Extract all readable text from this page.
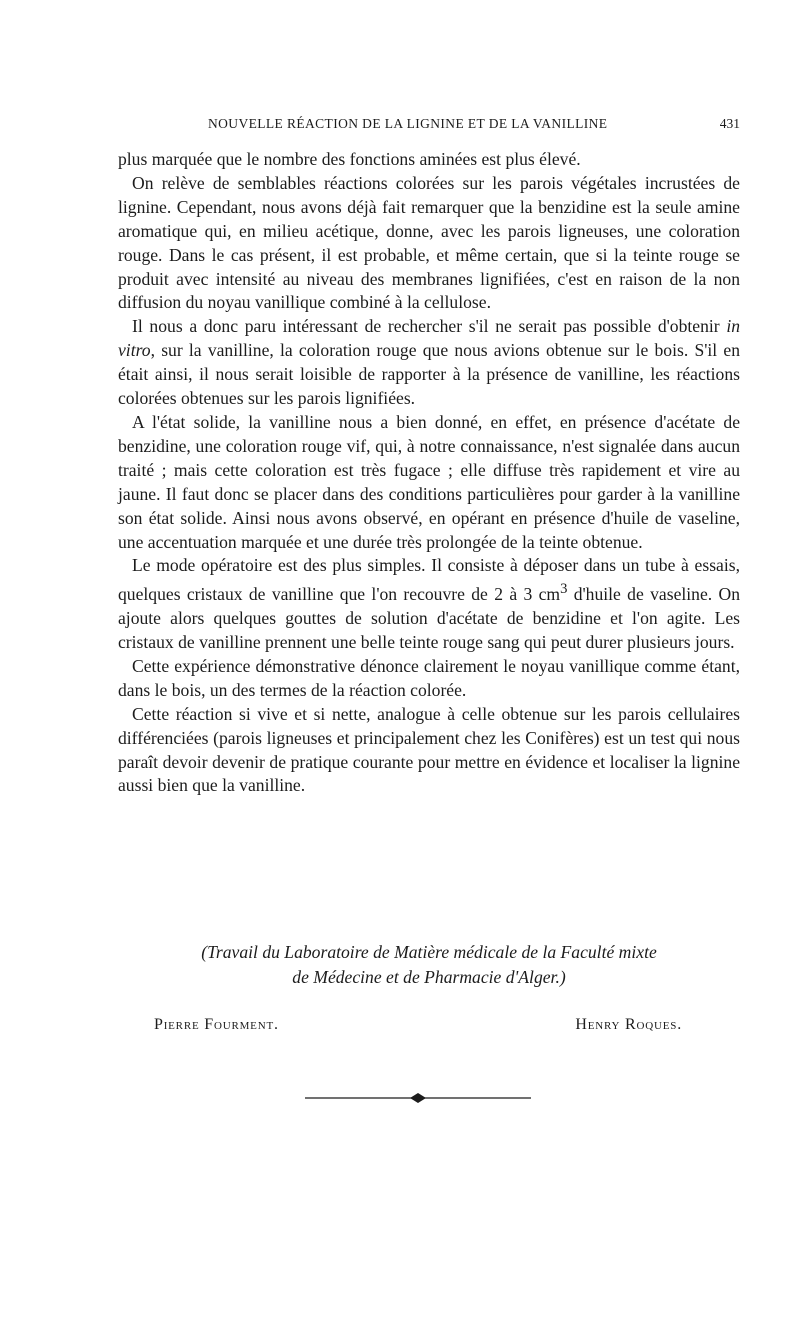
NOUVELLE RÉACTION DE LA LIGNINE ET DE LA VANILLINE	431

plus marquée que le nombre des fonctions aminées est plus élevé.

On relève de semblables réactions colorées sur les parois végétales incrustées de lignine. Cependant, nous avons déjà fait remarquer que la benzidine est la seule amine aromatique qui, en milieu acétique, donne, avec les parois ligneuses, une coloration rouge. Dans le cas présent, il est probable, et même certain, que si la teinte rouge se produit avec intensité au niveau des membranes lignifiées, c'est en raison de la non diffusion du noyau vanillique combiné à la cellulose.

Il nous a donc paru intéressant de rechercher s'il ne serait pas possible d'obtenir in vitro, sur la vanilline, la coloration rouge que nous avions obtenue sur le bois. S'il en était ainsi, il nous serait loisible de rapporter à la présence de vanilline, les réactions colorées obtenues sur les parois lignifiées.

A l'état solide, la vanilline nous a bien donné, en effet, en présence d'acétate de benzidine, une coloration rouge vif, qui, à notre connaissance, n'est signalée dans aucun traité ; mais cette coloration est très fugace ; elle diffuse très rapidement et vire au jaune. Il faut donc se placer dans des conditions particulières pour garder à la vanilline son état solide. Ainsi nous avons observé, en opérant en présence d'huile de vaseline, une accentuation marquée et une durée très prolongée de la teinte obtenue.

Le mode opératoire est des plus simples. Il consiste à déposer dans un tube à essais, quelques cristaux de vanilline que l'on recouvre de 2 à 3 $cm^3$ d'huile de vaseline. On ajoute alors quelques gouttes de solution d'acétate de benzidine et l'on agite. Les cristaux de vanilline prennent une belle teinte rouge sang qui peut durer plusieurs jours.

Cette expérience démonstrative dénonce clairement le noyau vanillique comme étant, dans le bois, un des termes de la réaction colorée.

Cette réaction si vive et si nette, analogue à celle obtenue sur les parois cellulaires différenciées (parois ligneuses et principalement chez les Conifères) est un test qui nous paraît devoir devenir de pratique courante pour mettre en évidence et localiser la lignine aussi bien que la vanilline.

(Travail du Laboratoire de Matière médicale de la Faculté mixte
de Médecine et de Pharmacie d'Alger.)
Pierre Fourment.	Henry Roques.
